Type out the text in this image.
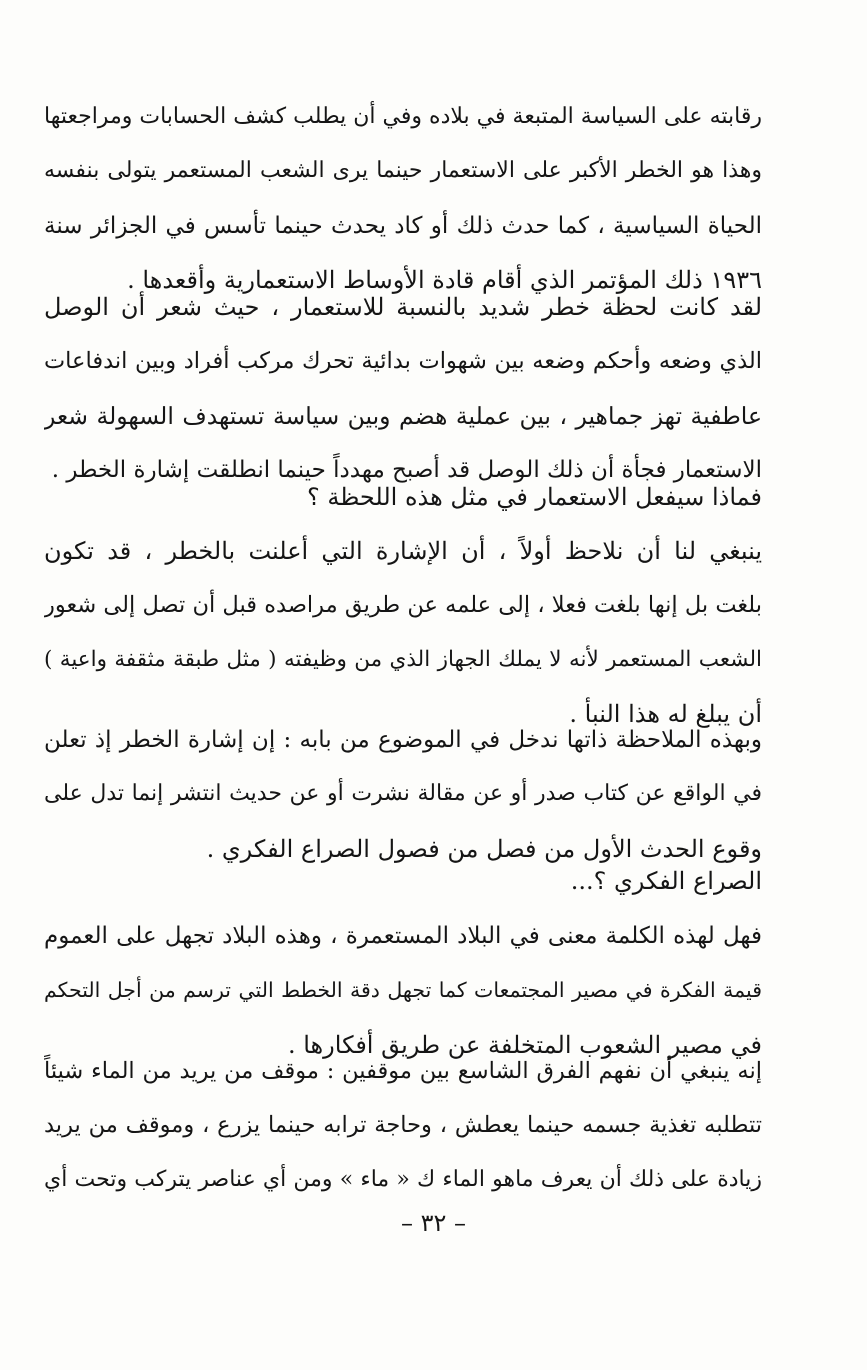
رقابته على السياسة المتبعة في بلاده وفي أن يطلب كشف الحسابات ومراجعتها
وهذا هو الخطر الأكبر على الاستعمار حينما يرى الشعب المستعمر يتولى بنفسه
الحياة السياسية ، كما حدث ذلك أو كاد يحدث حينما تأسس في الجزائر سنة
١٩٣٦ ذلك المؤتمر الذي أقام قادة الأوساط الاستعمارية وأقعدها .
لقد كانت لحظة خطر شديد بالنسبة للاستعمار ، حيث شعر أن الوصل
الذي وضعه وأحكم وضعه بين شهوات بدائية تحرك مركب أفراد وبين اندفاعات
عاطفية تهز جماهير ، بين عملية هضم وبين سياسة تستهدف السهولة شعر
الاستعمار فجأة أن ذلك الوصل قد أصبح مهدداً حينما انطلقت إشارة الخطر .
فماذا سيفعل الاستعمار في مثل هذه اللحظة ؟
ينبغي لنا أن نلاحظ أولاً ، أن الإشارة التي أعلنت بالخطر ، قد تكون
بلغت بل إنها بلغت فعلا ، إلى علمه عن طريق مراصده قبل أن تصل إلى شعور
الشعب المستعمر لأنه لا يملك الجهاز الذي من وظيفته ( مثل طبقة مثقفة واعية )
أن يبلغ له هذا النبأ .
وبهذه الملاحظة ذاتها ندخل في الموضوع من بابه : إن إشارة الخطر إذ تعلن
في الواقع عن كتاب صدر أو عن مقالة نشرت أو عن حديث انتشر إنما تدل على
وقوع الحدث الأول من فصل من فصول الصراع الفكري .
الصراع الفكري ؟...
فهل لهذه الكلمة معنى في البلاد المستعمرة ، وهذه البلاد تجهل على العموم
قيمة الفكرة في مصير المجتمعات كما تجهل دقة الخطط التي ترسم من أجل التحكم
في مصير الشعوب المتخلفة عن طريق أفكارها .
إنه ينبغي أن نفهم الفرق الشاسع بين موقفين : موقف من يريد من الماء شيئاً
تتطلبه تغذية جسمه حينما يعطش ، وحاجة ترابه حينما يزرع ، وموقف من يريد
زيادة على ذلك أن يعرف ماهو الماء ك « ماء » ومن أي عناصر يتركب وتحت أي
– ٣٢ –
